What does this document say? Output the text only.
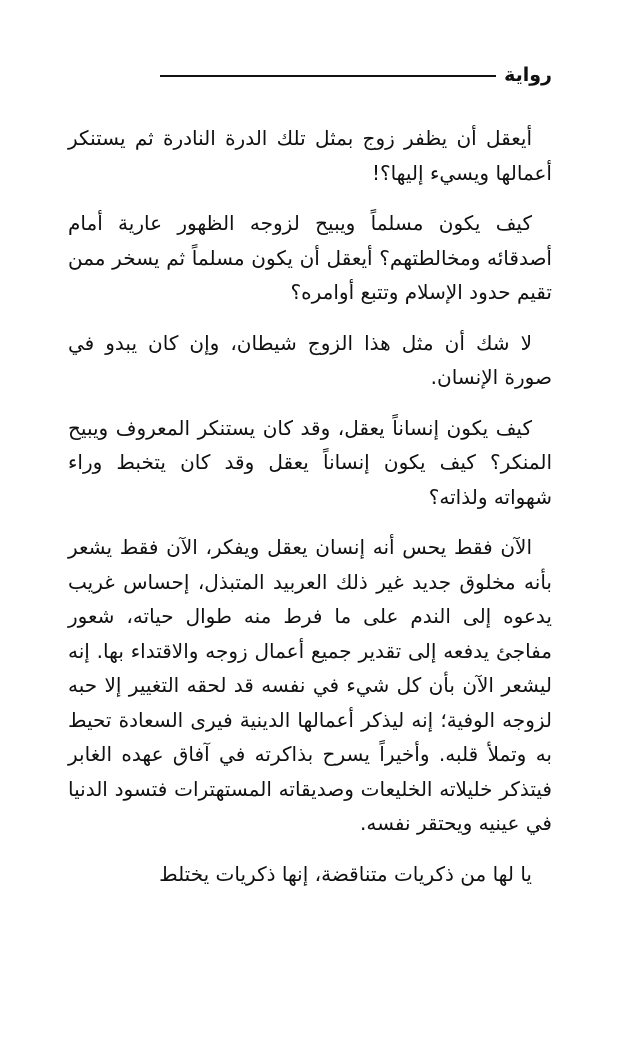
رواية

أيعقل أن يظفر زوج بمثل تلك الدرة النادرة ثم يستنكر أعمالها ويسيء إليها؟!

كيف يكون مسلماً ويبيح لزوجه الظهور عارية أمام أصدقائه ومخالطتهم؟ أيعقل أن يكون مسلماً ثم يسخر ممن تقيم حدود الإسلام وتتبع أوامره؟

لا شك أن مثل هذا الزوج شيطان، وإن كان يبدو في صورة الإنسان.

كيف يكون إنساناً يعقل، وقد كان يستنكر المعروف ويبيح المنكر؟ كيف يكون إنساناً يعقل وقد كان يتخبط وراء شهواته ولذاته؟

الآن فقط يحس أنه إنسان يعقل ويفكر، الآن فقط يشعر بأنه مخلوق جديد غير ذلك العربيد المتبذل، إحساس غريب يدعوه إلى الندم على ما فرط منه طوال حياته، شعور مفاجئ يدفعه إلى تقدير جميع أعمال زوجه والاقتداء بها. إنه ليشعر الآن بأن كل شيء في نفسه قد لحقه التغيير إلا حبه لزوجه الوفية؛ إنه ليذكر أعمالها الدينية فيرى السعادة تحيط به وتملأ قلبه. وأخيراً يسرح بذاكرته في آفاق عهده الغابر فيتذكر خليلاته الخليعات وصديقاته المستهترات فتسود الدنيا في عينيه ويحتقر نفسه.

يا لها من ذكريات متناقضة، إنها ذكريات يختلط
